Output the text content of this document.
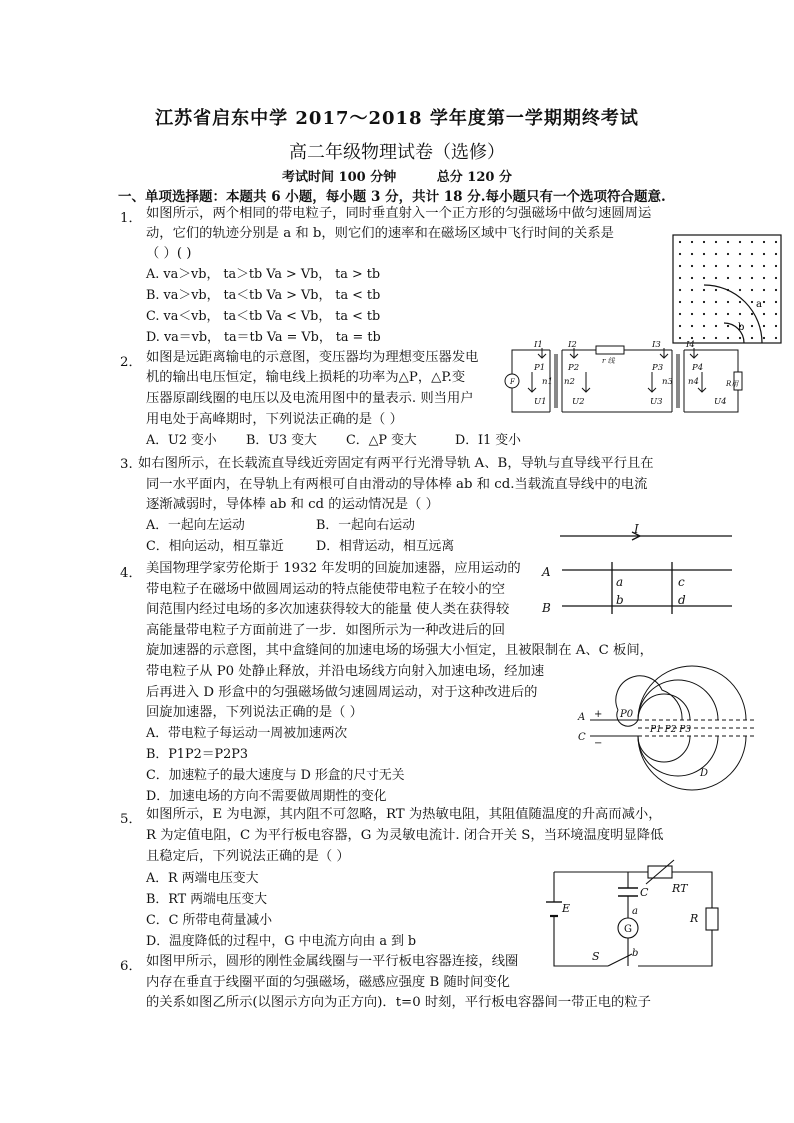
江苏省启东中学 2017～2018 学年度第一学期期终考试
高二年级物理试卷（选修）
考试时间 100 分钟	总分 120 分
一、单项选择题：本题共 6 小题，每小题 3 分，共计 18 分.每小题只有一个选项符合题意.
1． 如图所示，两个相同的带电粒子，同时垂直射入一个正方形的匀强磁场中做匀速圆周运
动，它们的轨迹分别是 a 和 b，则它们的速率和在磁场区域中飞行时间的关系是
（ ）( )
A. va＞vb， ta＞tb Va > Vb， ta > tb
B. va＞vb， ta＜tb Va > Vb， ta < tb
C. va＜vb， ta＜tb Va < Vb， ta < tb
D. va＝vb， ta＝tb Va = Vb， ta = tb
a
b
2． 如图是远距离输电的示意图，变压器均为理想变压器发电
机的输出电压恒定，输电线上损耗的功率为△P，△P.变
压器原副线圈的电压以及电流用图中的量表示. 则当用户
用电处于高峰期时，下列说法正确的是（ ）
A．U2 变小 B．U3 变大 C．△P 变大	D．I1 变小
F
I1	I2	I3	I4
P1	P2	P3	P4
U1	U2	U3	U4
n1 n2	n3 n4
r 线
R用
3. 如右图所示，在长载流直导线近旁固定有两平行光滑导轨 A、B，导轨与直导线平行且在
同一水平面内，在导轨上有两根可自由滑动的导体棒 ab 和 cd.当载流直导线中的电流
逐渐减弱时，导体棒 ab 和 cd 的运动情况是（ ）
A．一起向左运动	B．一起向右运动
C．相向运动，相互靠近	D．相背运动，相互远离
I
A
B
a
b
c
d
4． 美国物理学家劳伦斯于 1932 年发明的回旋加速器，应用运动的
带电粒子在磁场中做圆周运动的特点能使带电粒子在较小的空
间范围内经过电场的多次加速获得较大的能量 使人类在获得较
高能量带电粒子方面前进了一步．如图所示为一种改进后的回
旋加速器的示意图，其中盒缝间的加速电场的场强大小恒定，且被限制在 A、C 板间，
带电粒子从 P0 处静止释放，并沿电场线方向射入加速电场，经加速
后再进入 D 形盒中的匀强磁场做匀速圆周运动，对于这种改进后的
回旋加速器，下列说法正确的是（ ）
A．带电粒子每运动一周被加速两次
B．P1P2＝P2P3
C．加速粒子的最大速度与 D 形盒的尺寸无关
D．加速电场的方向不需要做周期性的变化
A
C
+
−
P0
P1 P2 P3
D
5． 如图所示，E 为电源，其内阻不可忽略，RT 为热敏电阻，其阻值随温度的升高而减小，
R 为定值电阻，C 为平行板电容器，G 为灵敏电流计. 闭合开关 S，当环境温度明显降低
且稳定后，下列说法正确的是（ ）
A．R 两端电压变大
B．RT 两端电压变大
C．C 所带电荷量减小
D．温度降低的过程中，G 中电流方向由 a 到 b
E
C RT
R
a
b
G
S
6． 如图甲所示，圆形的刚性金属线圈与一平行板电容器连接，线圈
内存在垂直于线圈平面的匀强磁场，磁感应强度 B 随时间变化
的关系如图乙所示(以图示方向为正方向)．t=0 时刻，平行板电容器间一带正电的粒子
